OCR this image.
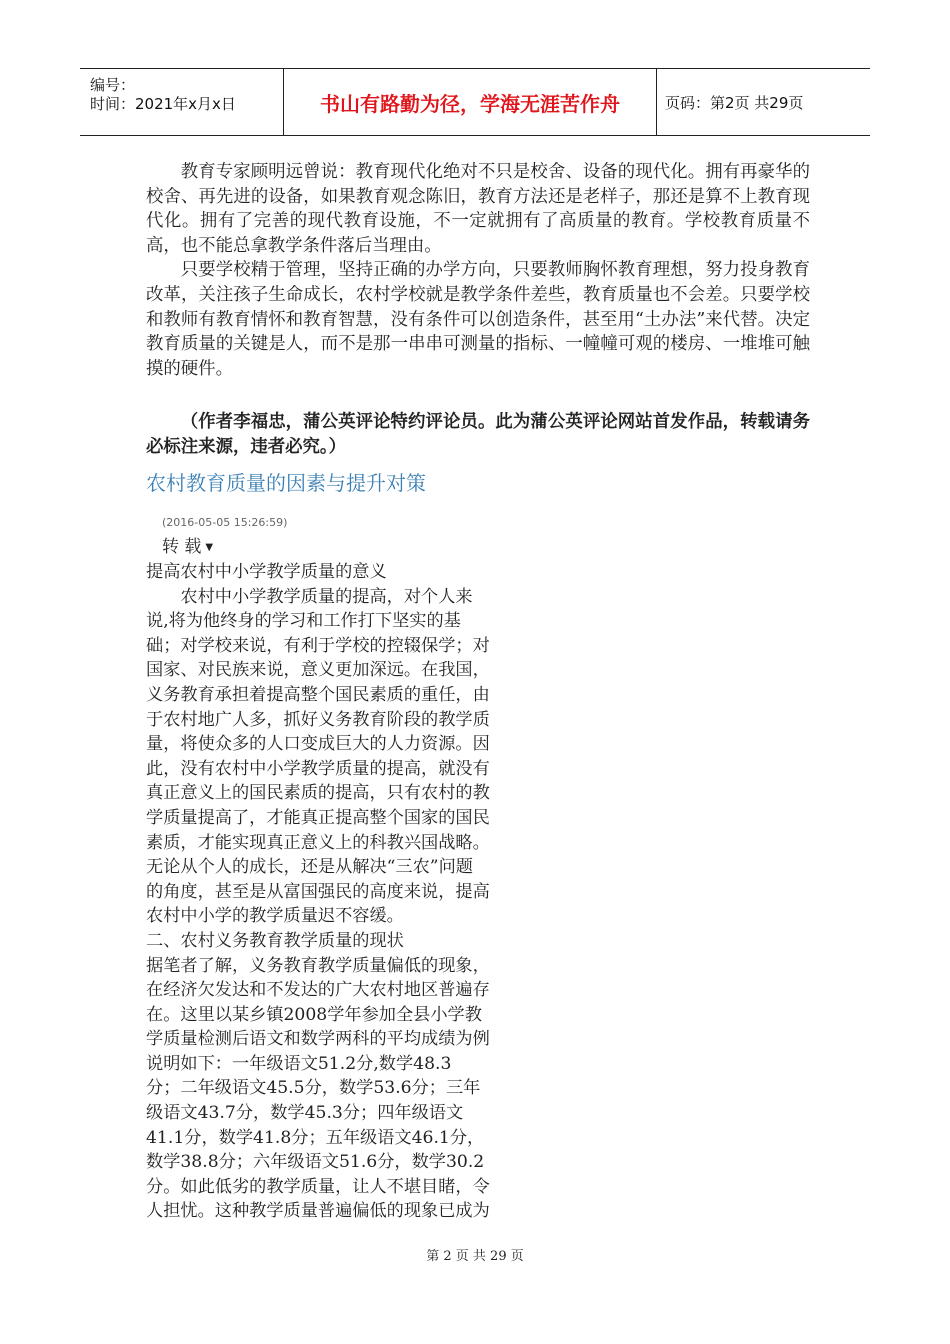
编号：
时间：2021年x月x日	书山有路勤为径，学海无涯苦作舟	页码：第2页 共29页

教育专家顾明远曾说：教育现代化绝对不只是校舍、设备的现代化。拥有再豪华的校舍、再先进的设备，如果教育观念陈旧，教育方法还是老样子，那还是算不上教育现代化。拥有了完善的现代教育设施，不一定就拥有了高质量的教育。学校教育质量不高，也不能总拿教学条件落后当理由。

只要学校精于管理，坚持正确的办学方向，只要教师胸怀教育理想，努力投身教育改革，关注孩子生命成长，农村学校就是教学条件差些，教育质量也不会差。只要学校和教师有教育情怀和教育智慧，没有条件可以创造条件，甚至用“土办法”来代替。决定教育质量的关键是人，而不是那一串串可测量的指标、一幢幢可观的楼房、一堆堆可触摸的硬件。

（作者李福忠，蒲公英评论特约评论员。此为蒲公英评论网站首发作品，转载请务必标注来源，违者必究。）
农村教育质量的因素与提升对策
(2016-05-05 15:26:59)
转 载 ▼
提高农村中小学教学质量的意义
　　农村中小学教学质量的提高，对个人来
说,将为他终身的学习和工作打下坚实的基
础；对学校来说，有利于学校的控辍保学；对
国家、对民族来说，意义更加深远。在我国，
义务教育承担着提高整个国民素质的重任，由
于农村地广人多，抓好义务教育阶段的教学质
量，将使众多的人口变成巨大的人力资源。因
此，没有农村中小学教学质量的提高，就没有
真正意义上的国民素质的提高，只有农村的教
学质量提高了，才能真正提高整个国家的国民
素质，才能实现真正意义上的科教兴国战略。
无论从个人的成长，还是从解决“三农”问题
的角度，甚至是从富国强民的高度来说，提高
农村中小学的教学质量迟不容缓。
二、农村义务教育教学质量的现状
据笔者了解，义务教育教学质量偏低的现象，
在经济欠发达和不发达的广大农村地区普遍存
在。这里以某乡镇2008学年参加全县小学教
学质量检测后语文和数学两科的平均成绩为例
说明如下：一年级语文51.2分,数学48.3
分；二年级语文45.5分，数学53.6分；三年
级语文43.7分，数学45.3分；四年级语文
41.1分，数学41.8分；五年级语文46.1分，
数学38.8分；六年级语文51.6分，数学30.2
分。如此低劣的教学质量，让人不堪目睹，令
人担忧。这种教学质量普遍偏低的现象已成为
第 2 页 共 29 页
